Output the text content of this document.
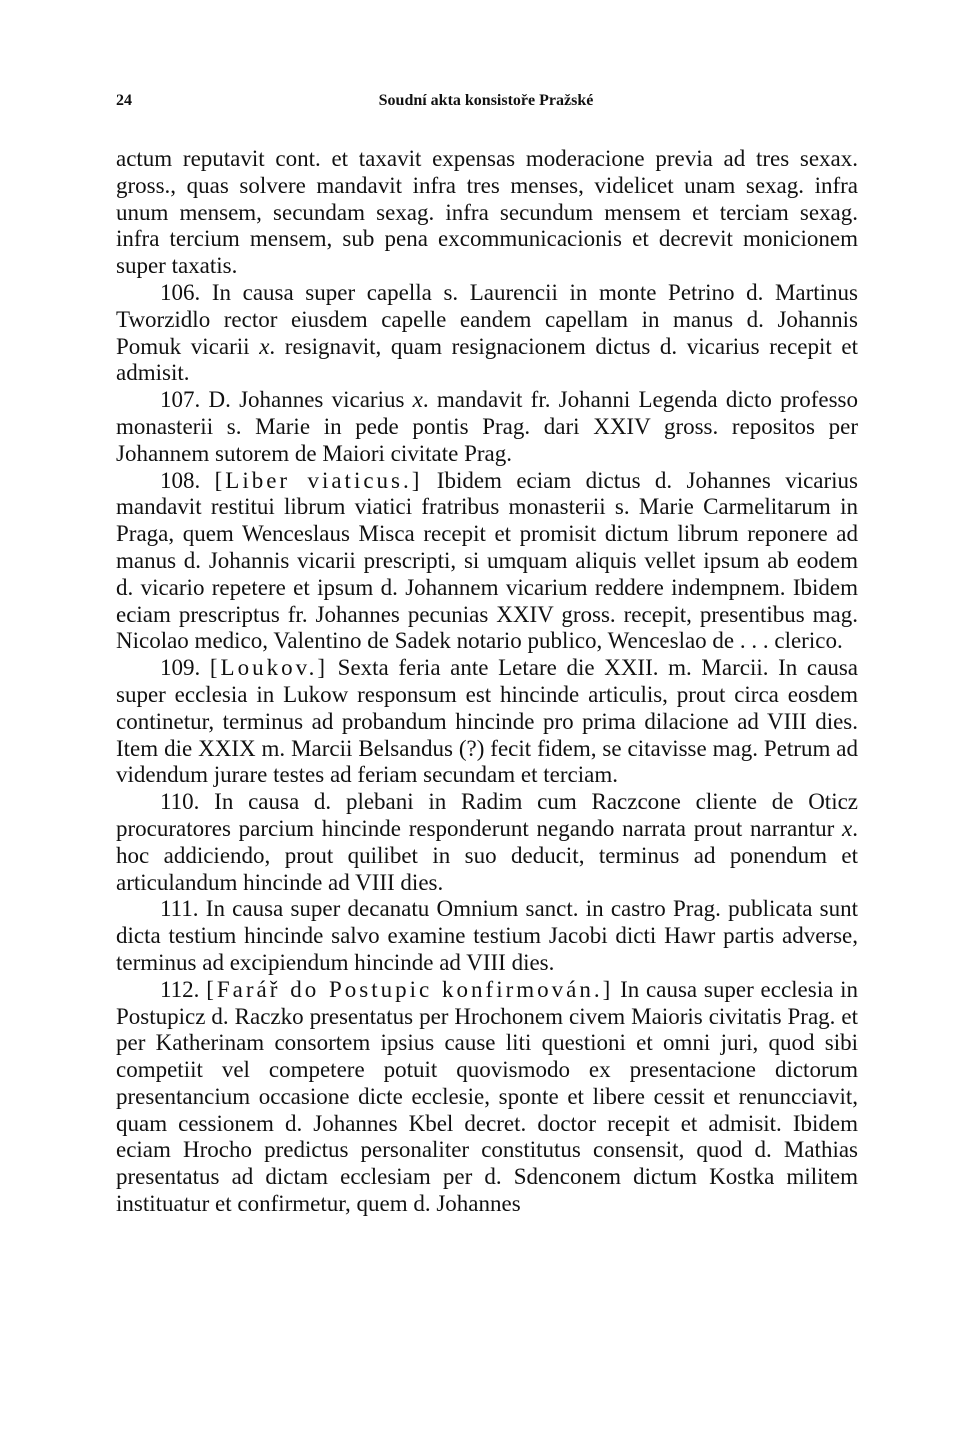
24	Soudní akta konsistoře Pražské

actum reputavit cont. et taxavit expensas moderacione previa ad tres sexax. gross., quas solvere mandavit infra tres menses, videlicet unam sexag. infra unum mensem, secundam sexag. infra secundum mensem et terciam sexag. infra tercium mensem, sub pena excommunicacionis et decrevit monicionem super taxatis.

106. In causa super capella s. Laurencii in monte Petrino d. Martinus Tworzidlo rector eiusdem capelle eandem capellam in manus d. Johannis Pomuk vicarii x. resignavit, quam resignacionem dictus d. vicarius recepit et admisit.

107. D. Johannes vicarius x. mandavit fr. Johanni Legenda dicto professo monasterii s. Marie in pede pontis Prag. dari XXIV gross. repositos per Johannem sutorem de Maiori civitate Prag.

108. [Liber viaticus.] Ibidem eciam dictus d. Johannes vicarius mandavit restitui librum viatici fratribus monasterii s. Marie Carmelitarum in Praga, quem Wenceslaus Misca recepit et promisit dictum librum reponere ad manus d. Johannis vicarii prescripti, si umquam aliquis vellet ipsum ab eodem d. vicario repetere et ipsum d. Johannem vicarium reddere indempnem. Ibidem eciam prescriptus fr. Johannes pecunias XXIV gross. recepit, presentibus mag. Nicolao medico, Valentino de Sadek notario publico, Wenceslao de . . . clerico.

109. [Loukov.] Sexta feria ante Letare die XXII. m. Marcii. In causa super ecclesia in Lukow responsum est hincinde articulis, prout circa eosdem continetur, terminus ad probandum hincinde pro prima dilacione ad VIII dies. Item die XXIX m. Marcii Belsandus (?) fecit fidem, se citavisse mag. Petrum ad videndum jurare testes ad feriam secundam et terciam.

110. In causa d. plebani in Radim cum Raczcone cliente de Oticz procuratores parcium hincinde responderunt negando narrata prout narrantur x. hoc addiciendo, prout quilibet in suo deducit, terminus ad ponendum et articulandum hincinde ad VIII dies.

111. In causa super decanatu Omnium sanct. in castro Prag. publicata sunt dicta testium hincinde salvo examine testium Jacobi dicti Hawr partis adverse, terminus ad excipiendum hincinde ad VIII dies.

112. [Farář do Postupic konfirmován.] In causa super ecclesia in Postupicz d. Raczko presentatus per Hrochonem civem Maioris civitatis Prag. et per Katherinam consortem ipsius cause liti questioni et omni juri, quod sibi competiit vel competere potuit quovismodo ex presentacione dictorum presentancium occasione dicte ecclesie, sponte et libere cessit et renuncciavit, quam cessionem d. Johannes Kbel decret. doctor recepit et admisit. Ibidem eciam Hrocho predictus personaliter constitutus consensit, quod d. Mathias presentatus ad dictam ecclesiam per d. Sdenconem dictum Kostka militem instituatur et confirmetur, quem d. Johannes
